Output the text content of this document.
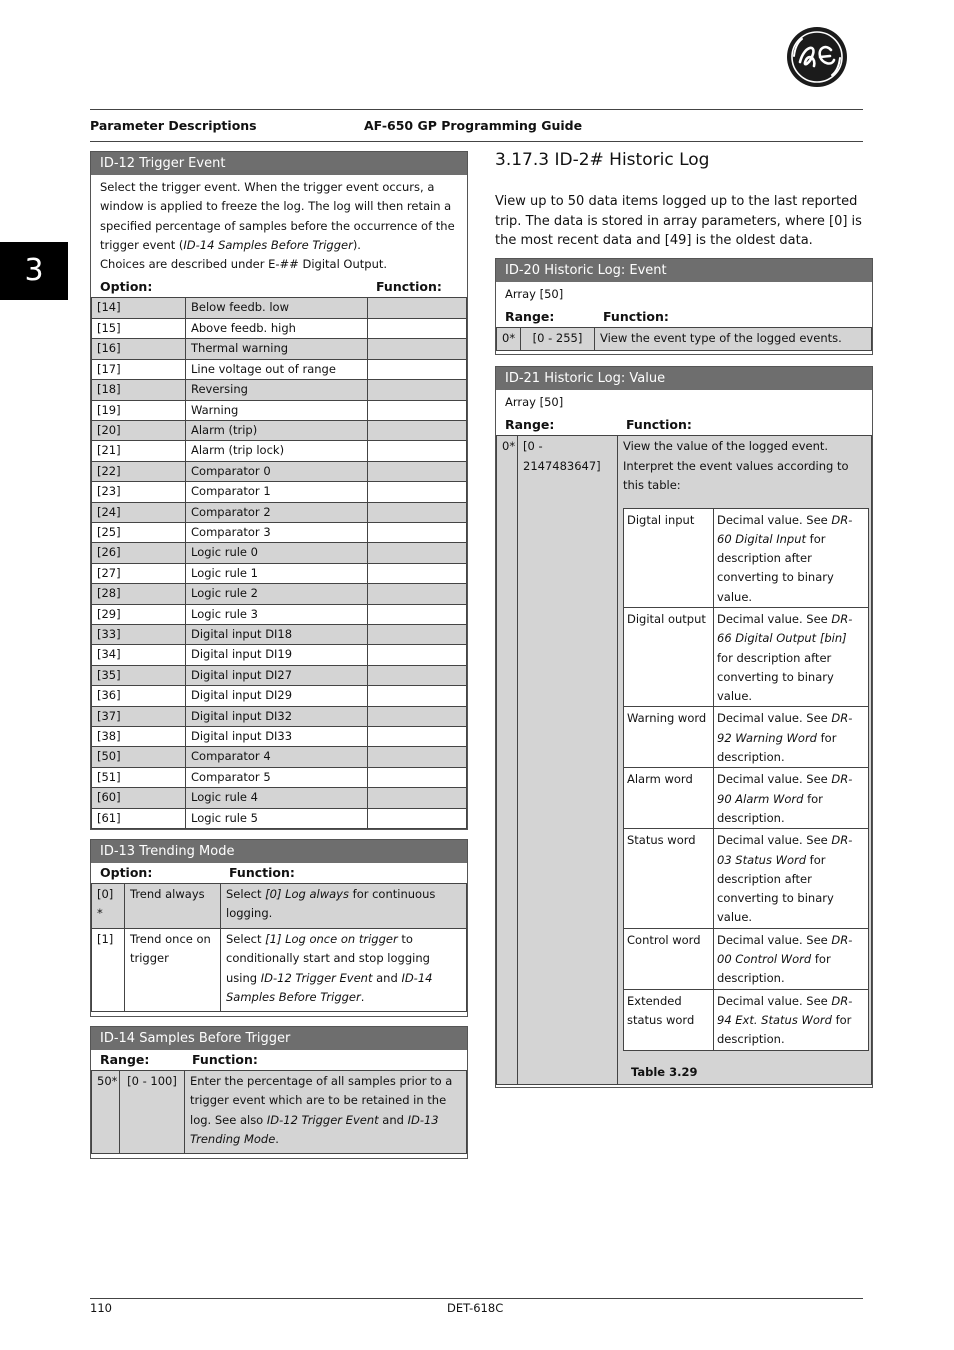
Parameter Descriptions	AF-650 GP Programming Guide
3
ID-12 Trigger Event
Select the trigger event. When the trigger event occurs, a window is applied to freeze the log. The log will then retain a specified percentage of samples before the occurrence of the trigger event (ID-14 Samples Before Trigger).
Choices are described under E-## Digital Output.
Option:	Function:
[14]	Below feedb. low	
[15]	Above feedb. high	
[16]	Thermal warning	
[17]	Line voltage out of range	
[18]	Reversing	
[19]	Warning	
[20]	Alarm (trip)	
[21]	Alarm (trip lock)	
[22]	Comparator 0	
[23]	Comparator 1	
[24]	Comparator 2	
[25]	Comparator 3	
[26]	Logic rule 0	
[27]	Logic rule 1	
[28]	Logic rule 2	
[29]	Logic rule 3	
[33]	Digital input DI18	
[34]	Digital input DI19	
[35]	Digital input DI27	
[36]	Digital input DI29	
[37]	Digital input DI32	
[38]	Digital input DI33	
[50]	Comparator 4	
[51]	Comparator 5	
[60]	Logic rule 4	
[61]	Logic rule 5	
ID-13 Trending Mode
Option:	Function:
[0] *	Trend always	Select [0] Log always for continuous logging.
[1]	Trend once on trigger	Select [1] Log once on trigger to conditionally start and stop logging using ID-12 Trigger Event and ID-14 Samples Before Trigger.
ID-14 Samples Before Trigger
Range:	Function:
50*	[0 - 100]	Enter the percentage of all samples prior to a trigger event which are to be retained in the log. See also ID-12 Trigger Event and ID-13 Trending Mode.
3.17.3 ID-2# Historic Log
View up to 50 data items logged up to the last reported trip. The data is stored in array parameters, where [0] is the most recent data and [49] is the oldest data.
ID-20 Historic Log: Event
Array [50]
Range:	Function:
0*	[0 - 255]	View the event type of the logged events.
ID-21 Historic Log: Value
Array [50]
Range:	Function:
0*	[0 - 2147483647]	
View the value of the logged event. Interpret the event values according to this table:
Digtal input	Decimal value. See DR-60 Digital Input for description after converting to binary value.
Digital output	Decimal value. See DR-66 Digital Output [bin] for description after converting to binary value.
Warning word	Decimal value. See DR-92 Warning Word for description.
Alarm word	Decimal value. See DR-90 Alarm Word for description.
Status word	Decimal value. See DR-03 Status Word for description after converting to binary value.
Control word	Decimal value. See DR-00 Control Word for description.
Extended status word	Decimal value. See DR-94 Ext. Status Word for description.
Table 3.29
110	DET-618C
